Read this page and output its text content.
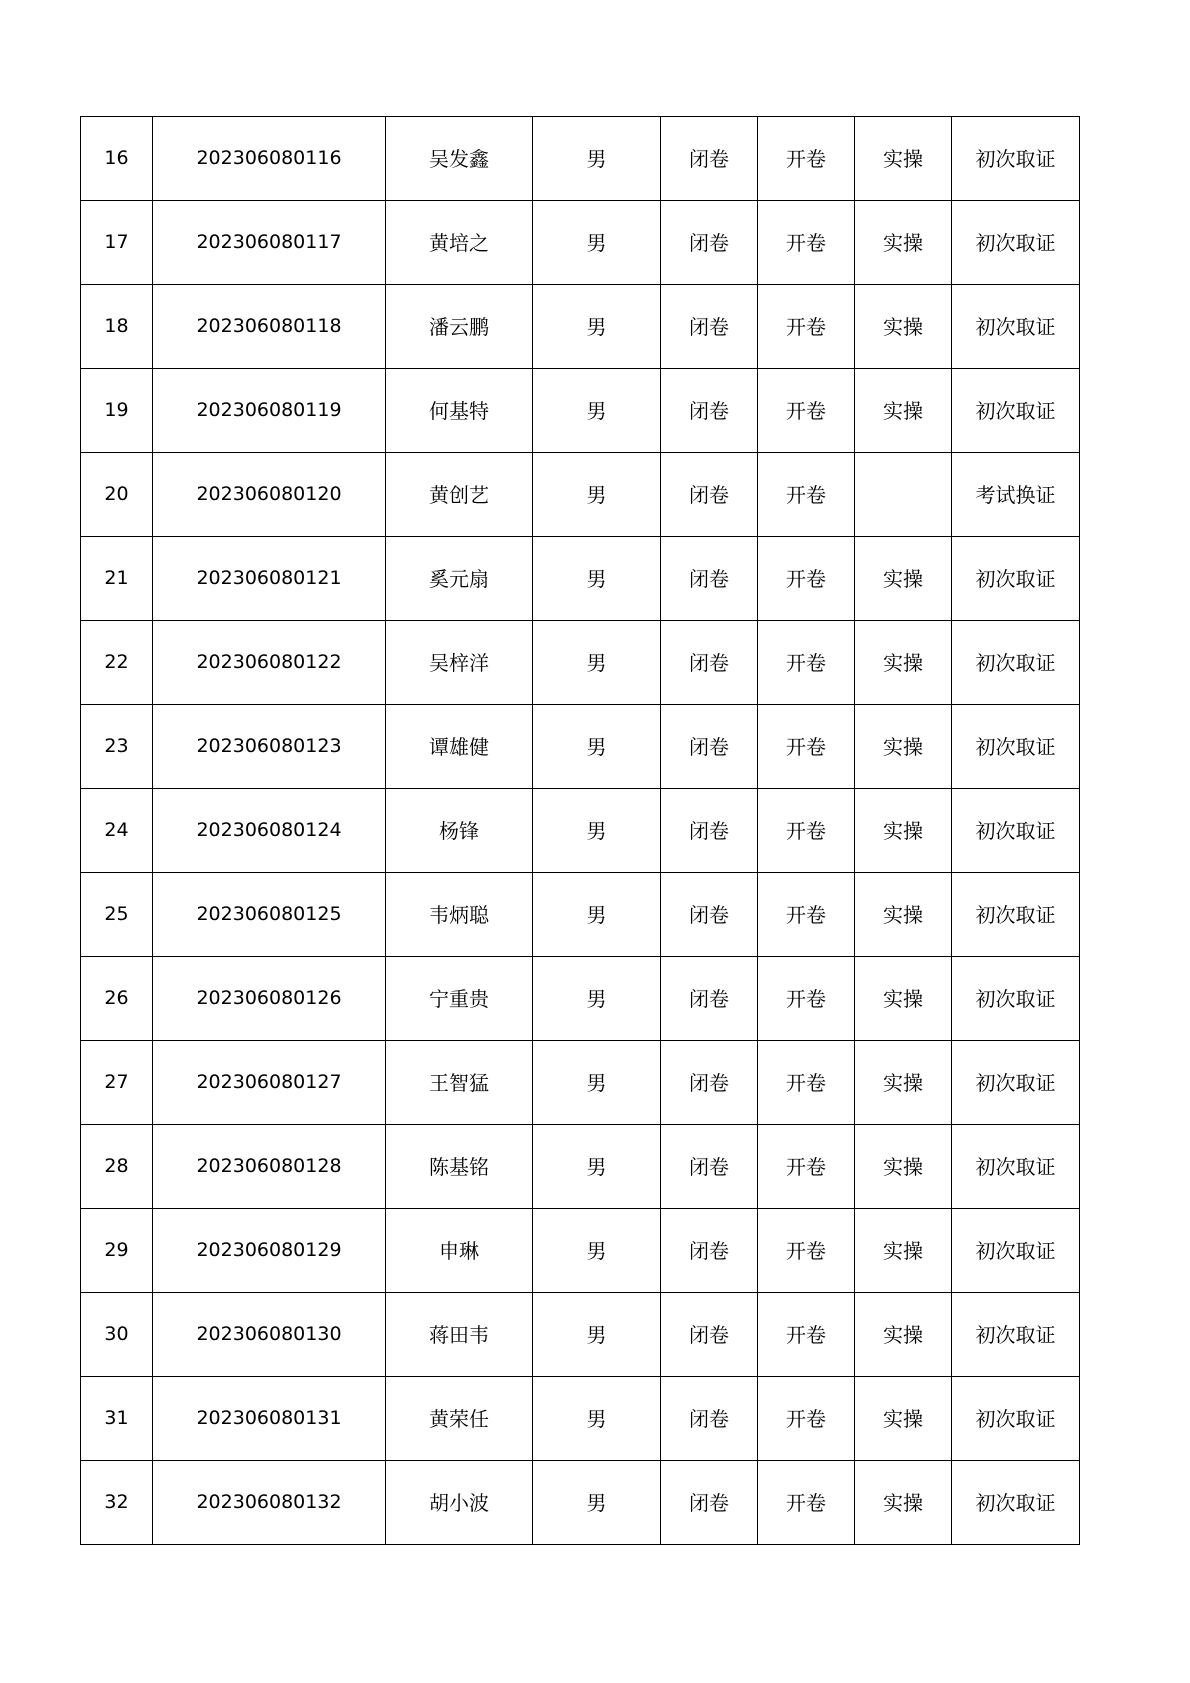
16	202306080116	吴发鑫	男	闭卷	开卷	实操	初次取证
17	202306080117	黄培之	男	闭卷	开卷	实操	初次取证
18	202306080118	潘云鹏	男	闭卷	开卷	实操	初次取证
19	202306080119	何基特	男	闭卷	开卷	实操	初次取证
20	202306080120	黄创艺	男	闭卷	开卷		考试换证
21	202306080121	奚元扇	男	闭卷	开卷	实操	初次取证
22	202306080122	吴梓洋	男	闭卷	开卷	实操	初次取证
23	202306080123	谭雄健	男	闭卷	开卷	实操	初次取证
24	202306080124	杨锋	男	闭卷	开卷	实操	初次取证
25	202306080125	韦炳聪	男	闭卷	开卷	实操	初次取证
26	202306080126	宁重贵	男	闭卷	开卷	实操	初次取证
27	202306080127	王智猛	男	闭卷	开卷	实操	初次取证
28	202306080128	陈基铭	男	闭卷	开卷	实操	初次取证
29	202306080129	申琳	男	闭卷	开卷	实操	初次取证
30	202306080130	蒋田韦	男	闭卷	开卷	实操	初次取证
31	202306080131	黄荣任	男	闭卷	开卷	实操	初次取证
32	202306080132	胡小波	男	闭卷	开卷	实操	初次取证
